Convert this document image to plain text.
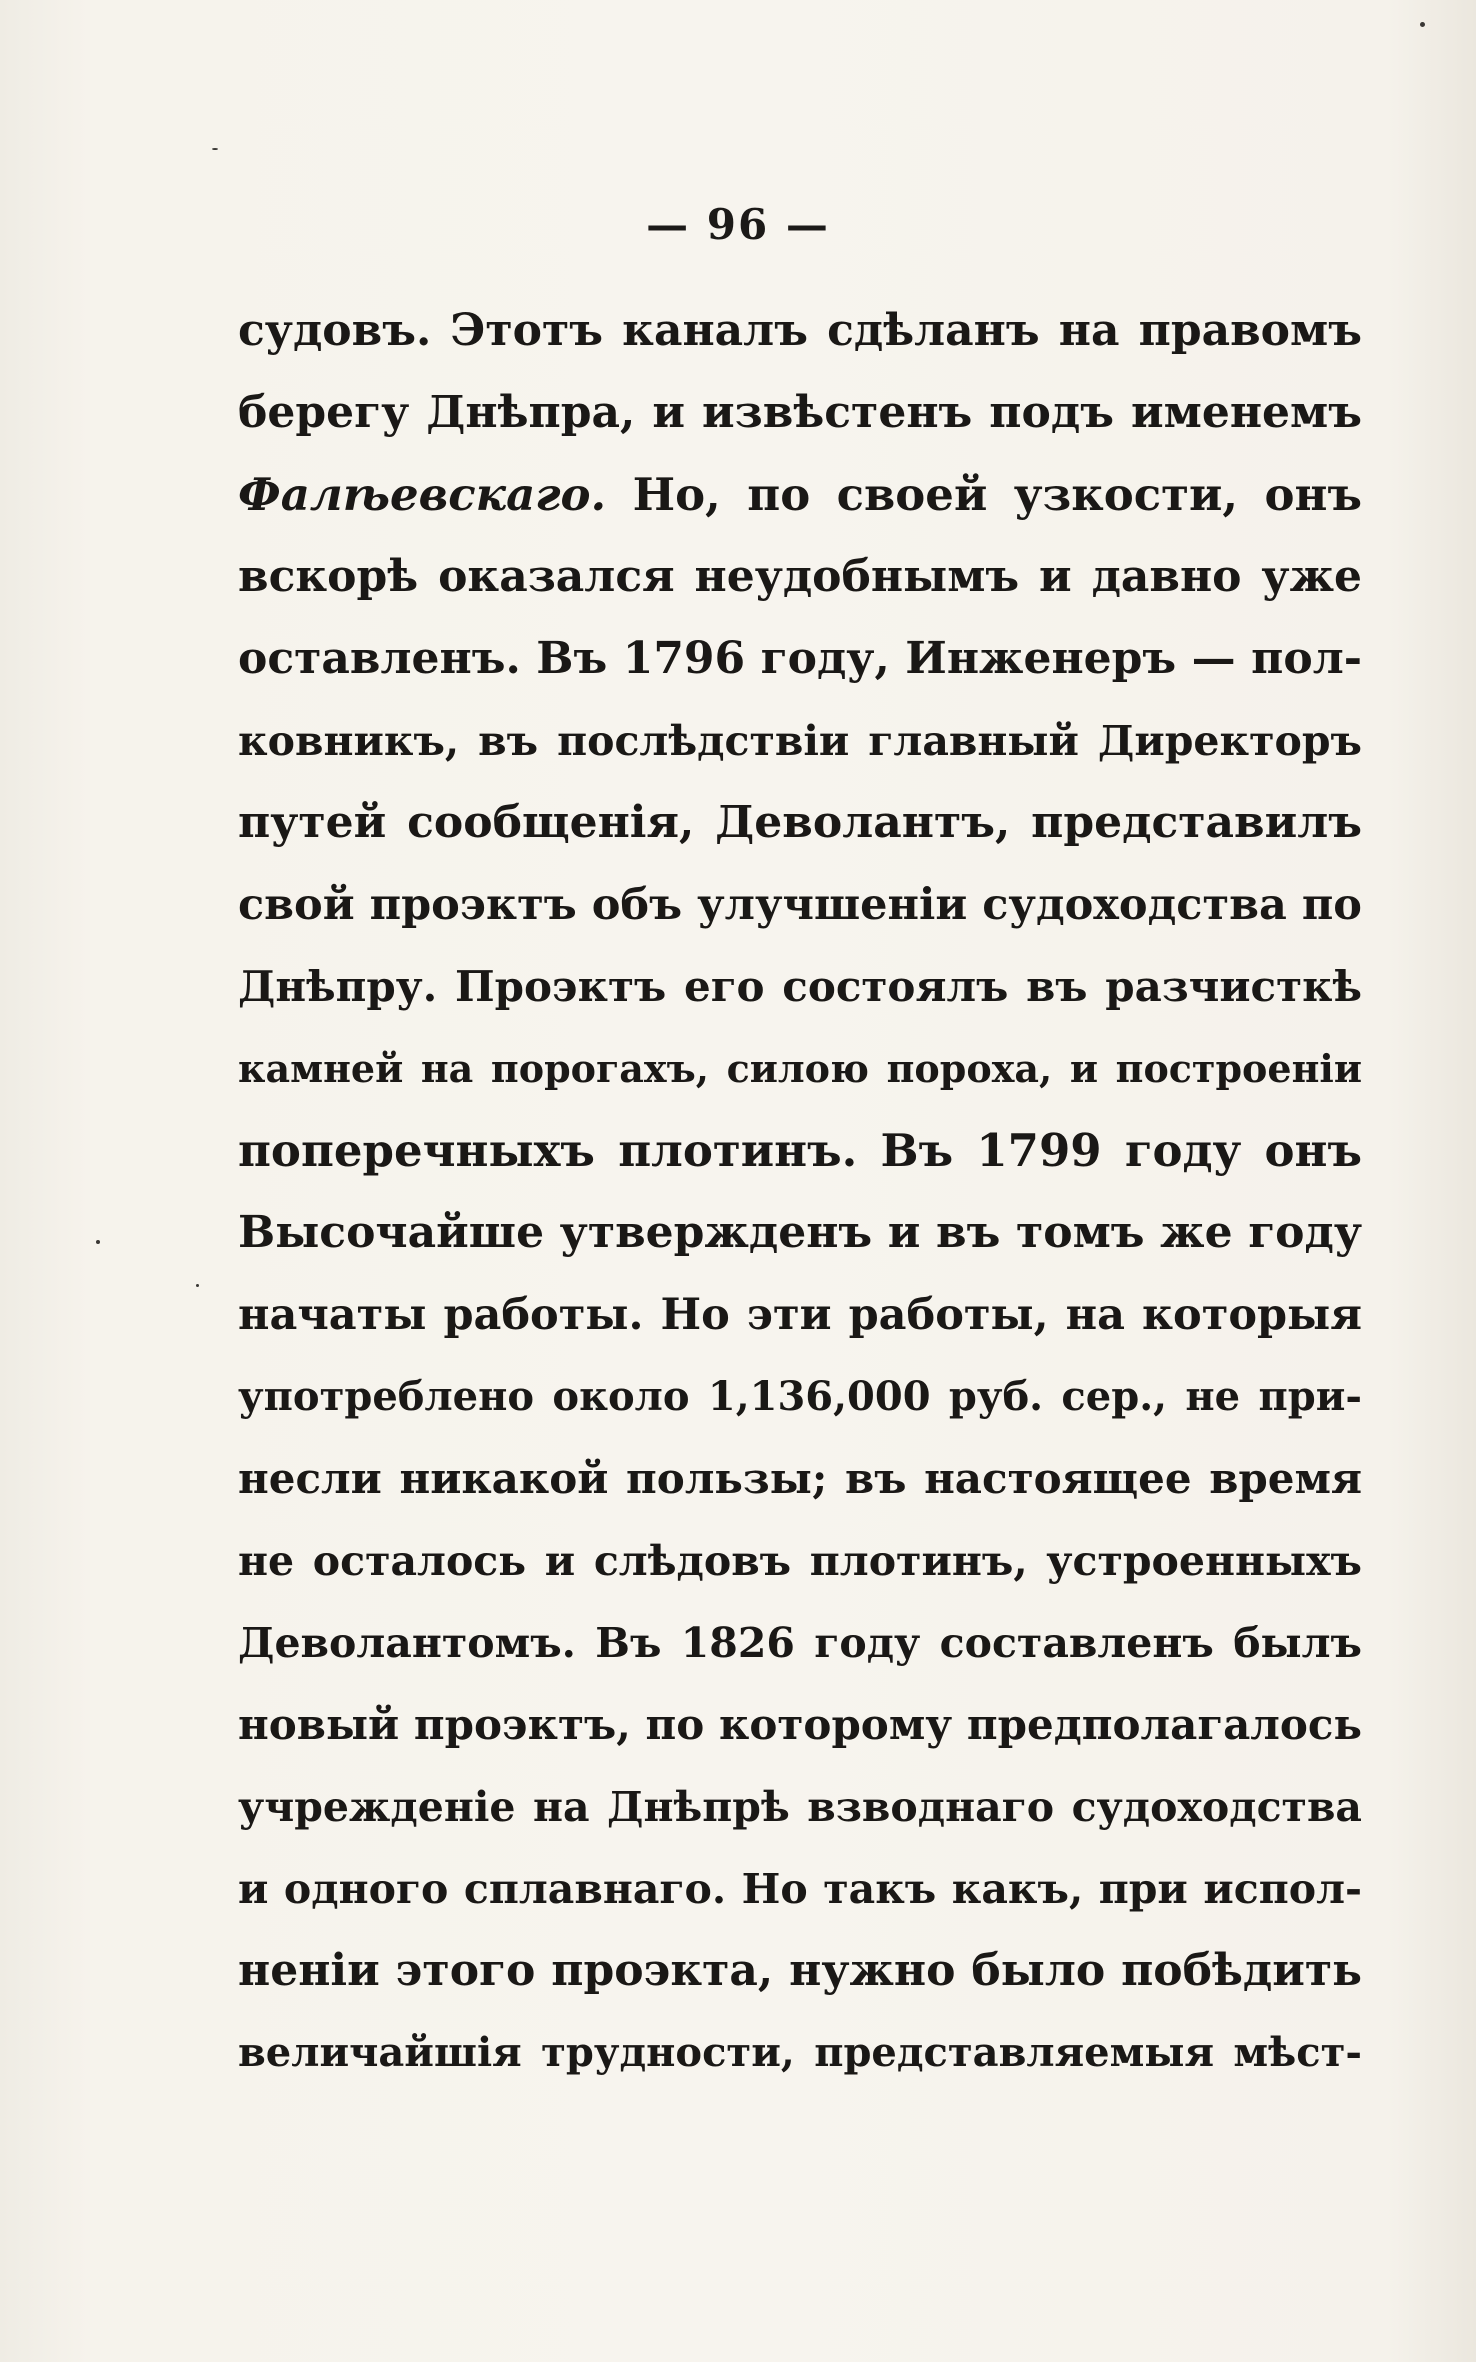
— 96 —
судовъ. Этотъ каналъ сдѣланъ на правомъ
берегу Днѣпра, и извѣстенъ подъ именемъ
Фалѣевскаго. Но, по своей узкости, онъ
вскорѣ оказался неудобнымъ и давно уже
оставленъ. Въ 1796 году, Инженеръ — пол-
ковникъ, въ послѣдствіи главный Директоръ
путей сообщенія, Деволантъ, представилъ
свой проэктъ объ улучшеніи судоходства по
Днѣпру. Проэктъ его состоялъ въ разчисткѣ
камней на порогахъ, силою пороха, и построеніи
поперечныхъ плотинъ. Въ 1799 году онъ
Высочайше утвержденъ и въ томъ же году
начаты работы. Но эти работы, на которыя
употреблено около 1,136,000 руб. сер., не при-
несли никакой пользы; въ настоящее время
не осталось и слѣдовъ плотинъ, устроенныхъ
Деволантомъ. Въ 1826 году составленъ былъ
новый проэктъ, по которому предполагалось
учрежденіе на Днѣпрѣ взводнаго судоходства
и одного сплавнаго. Но такъ какъ, при испол-
неніи этого проэкта, нужно было побѣдить
величайшія трудности, представляемыя мѣст-
